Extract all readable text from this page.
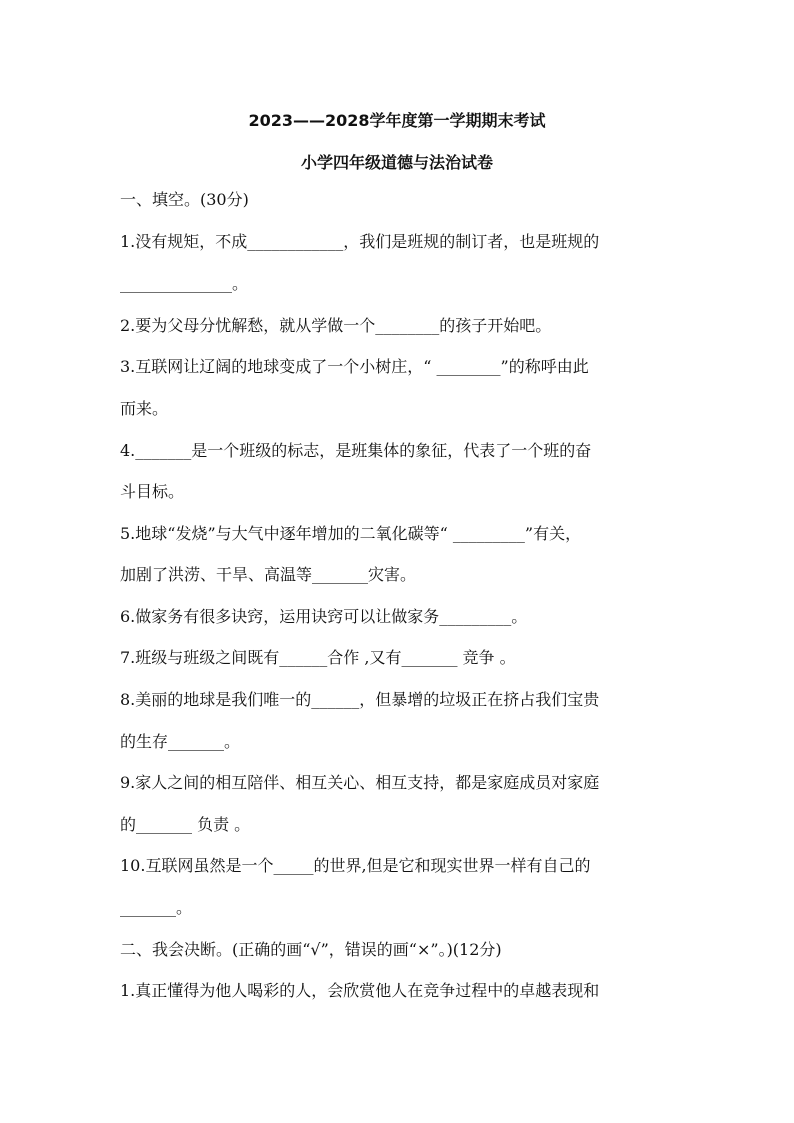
2023——2028学年度第一学期期末考试
小学四年级道德与法治试卷
一、填空。(30分)
1.没有规矩，不成____________，我们是班规的制订者，也是班规的
______________。
2.要为父母分忧解愁，就从学做一个________的孩子开始吧。
3.互联网让辽阔的地球变成了一个小树庄，“ ________”的称呼由此
而来。
4._______是一个班级的标志，是班集体的象征，代表了一个班的奋
斗目标。
5.地球“发烧”与大气中逐年增加的二氧化碳等“ _________”有关，
加剧了洪涝、干旱、高温等_______灾害。
6.做家务有很多诀窍，运用诀窍可以让做家务_________。
7.班级与班级之间既有______合作 ,又有_______ 竞争 。
8.美丽的地球是我们唯一的______，但暴增的垃圾正在挤占我们宝贵
的生存_______。
9.家人之间的相互陪伴、相互关心、相互支持，都是家庭成员对家庭
的_______ 负责 。
10.互联网虽然是一个_____的世界,但是它和现实世界一样有自己的
_______。
二、我会决断。(正确的画“√”，错误的画“×”。)(12分)
1.真正懂得为他人喝彩的人，会欣赏他人在竞争过程中的卓越表现和
